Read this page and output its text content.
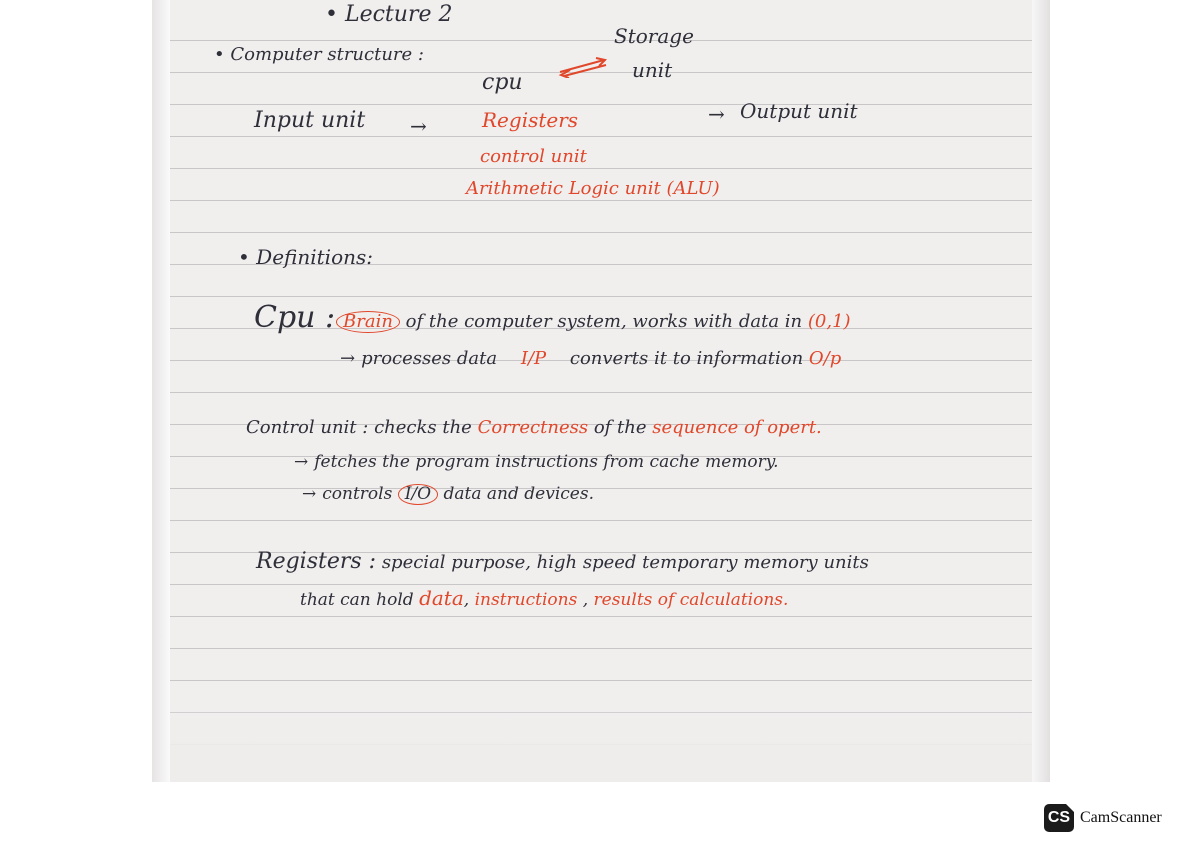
• Lecture 2
• Computer structure :
cpu
Storage
unit
Input unit →	Registers	→ Output unit
control unit
Arithmetic Logic unit (ALU)
• Definitions:
Cpu : Brain of the computer system, works with data in (0,1)
→ processes data I/P converts it to information O/p
Control unit : checks the Correctness of the sequence of opert.
→ fetches the program instructions from cache memory.
→ controls I/O data and devices.
Registers : special purpose, high speed temporary memory units
that can hold data, instructions , results of calculations.
CS CamScanner
